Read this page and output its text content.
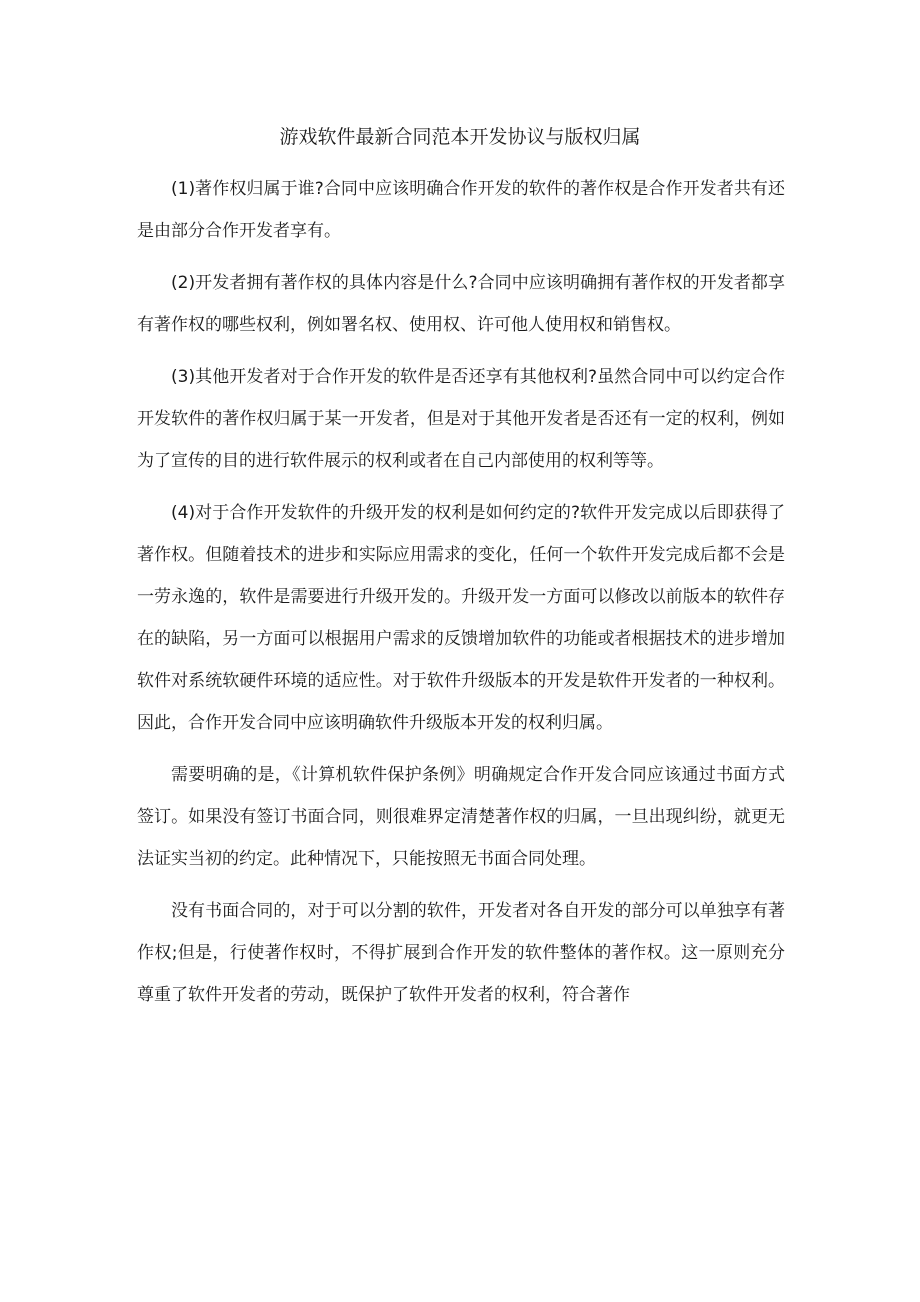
游戏软件最新合同范本开发协议与版权归属

(1)著作权归属于谁?合同中应该明确合作开发的软件的著作权是合作开发者共有还是由部分合作开发者享有。

(2)开发者拥有著作权的具体内容是什么?合同中应该明确拥有著作权的开发者都享有著作权的哪些权利，例如署名权、使用权、许可他人使用权和销售权。

(3)其他开发者对于合作开发的软件是否还享有其他权利?虽然合同中可以约定合作开发软件的著作权归属于某一开发者，但是对于其他开发者是否还有一定的权利，例如为了宣传的目的进行软件展示的权利或者在自己内部使用的权利等等。

(4)对于合作开发软件的升级开发的权利是如何约定的?软件开发完成以后即获得了著作权。但随着技术的进步和实际应用需求的变化，任何一个软件开发完成后都不会是一劳永逸的，软件是需要进行升级开发的。升级开发一方面可以修改以前版本的软件存在的缺陷，另一方面可以根据用户需求的反馈增加软件的功能或者根据技术的进步增加软件对系统软硬件环境的适应性。对于软件升级版本的开发是软件开发者的一种权利。因此，合作开发合同中应该明确软件升级版本开发的权利归属。

需要明确的是，《计算机软件保护条例》明确规定合作开发合同应该通过书面方式签订。如果没有签订书面合同，则很难界定清楚著作权的归属，一旦出现纠纷，就更无法证实当初的约定。此种情况下，只能按照无书面合同处理。

没有书面合同的，对于可以分割的软件，开发者对各自开发的部分可以单独享有著作权;但是，行使著作权时，不得扩展到合作开发的软件整体的著作权。这一原则充分尊重了软件开发者的劳动，既保护了软件开发者的权利，符合著作
